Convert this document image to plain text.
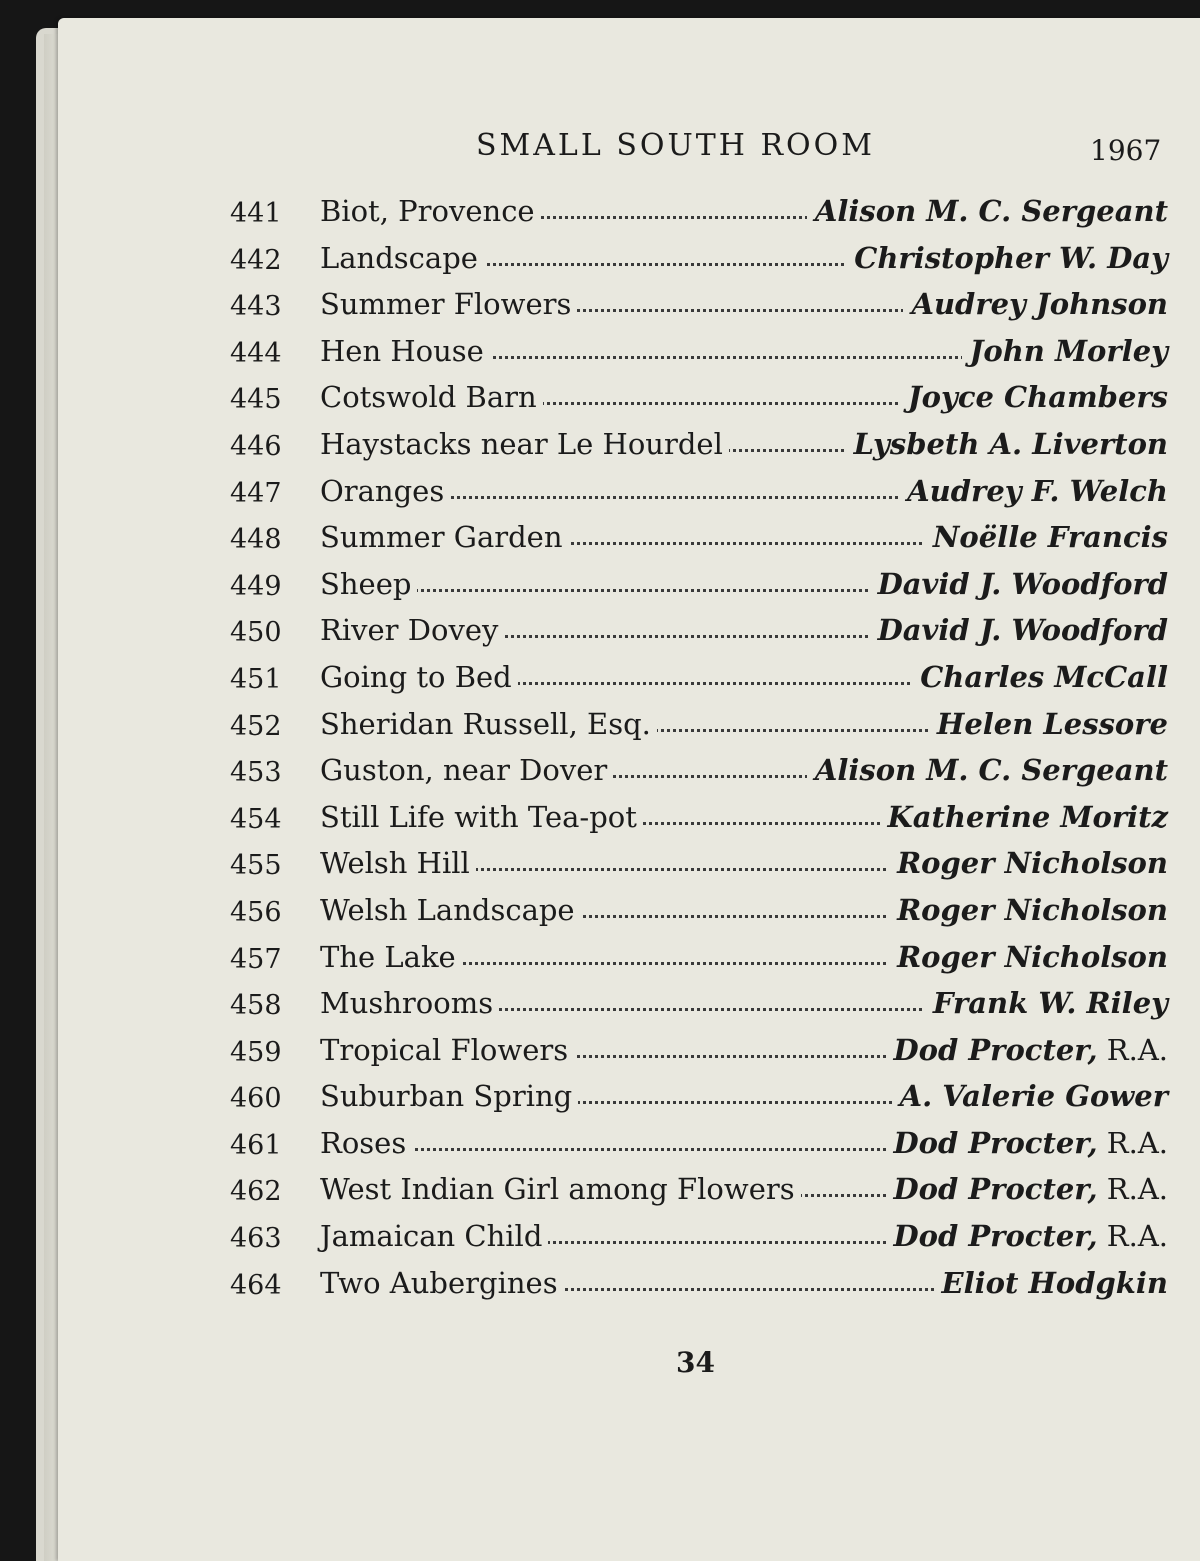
SMALL SOUTH ROOM	1967
441 Biot, Provence	Alison M. C. Sergeant
442 Landscape	Christopher W. Day
443 Summer Flowers	Audrey Johnson
444 Hen House	John Morley
445 Cotswold Barn	Joyce Chambers
446 Haystacks near Le Hourdel	Lysbeth A. Liverton
447 Oranges	Audrey F. Welch
448 Summer Garden	Noëlle Francis
449 Sheep	David J. Woodford
450 River Dovey	David J. Woodford
451 Going to Bed	Charles McCall
452 Sheridan Russell, Esq.	Helen Lessore
453 Guston, near Dover	Alison M. C. Sergeant
454 Still Life with Tea-pot	Katherine Moritz
455 Welsh Hill	Roger Nicholson
456 Welsh Landscape	Roger Nicholson
457 The Lake	Roger Nicholson
458 Mushrooms	Frank W. Riley
459 Tropical Flowers	Dod Procter, R.A.
460 Suburban Spring	A. Valerie Gower
461 Roses	Dod Procter, R.A.
462 West Indian Girl among Flowers	Dod Procter, R.A.
463 Jamaican Child	Dod Procter, R.A.
464 Two Aubergines	Eliot Hodgkin
34
